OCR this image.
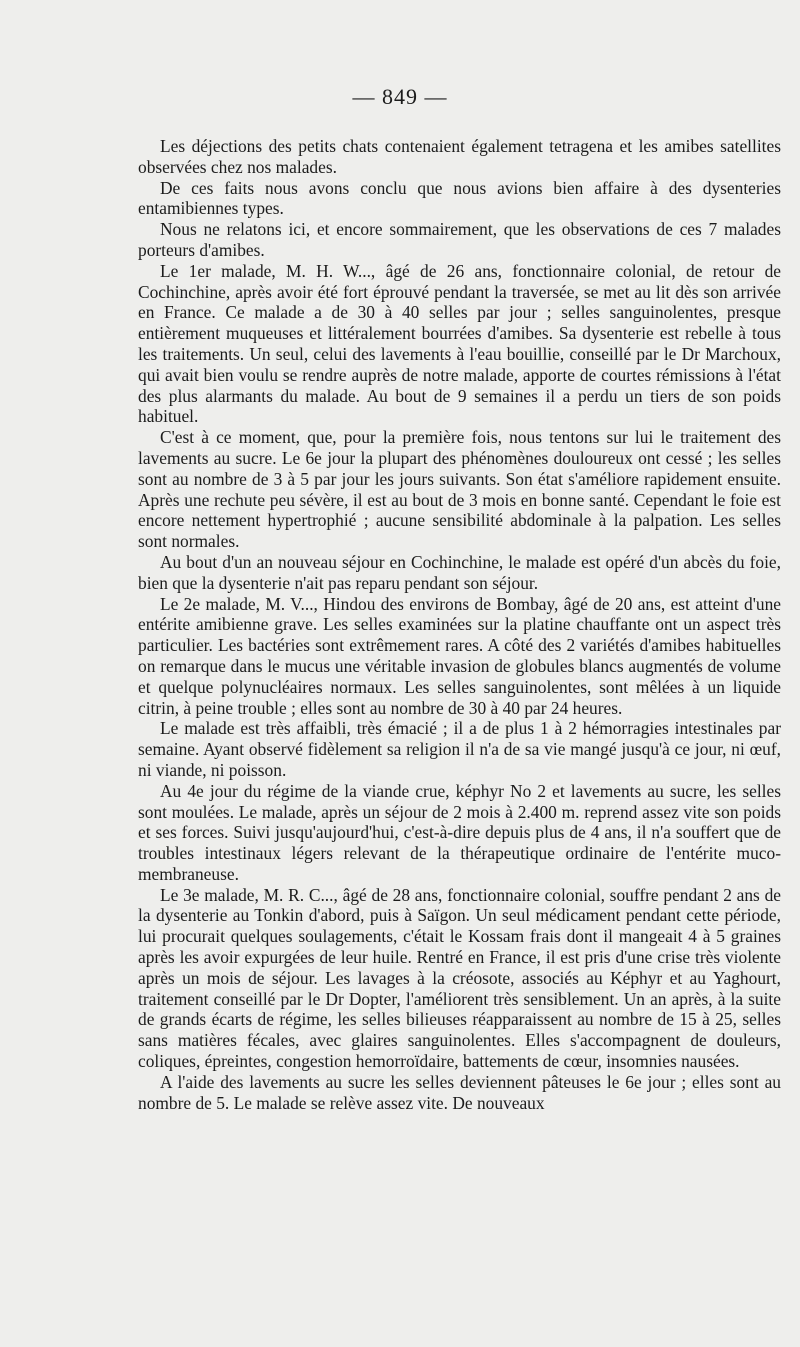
— 849 —

Les déjections des petits chats contenaient également tetragena et les amibes satellites observées chez nos malades.

De ces faits nous avons conclu que nous avions bien affaire à des dysenteries entamibiennes types.

Nous ne relatons ici, et encore sommairement, que les observations de ces 7 malades porteurs d'amibes.

Le 1er malade, M. H. W..., âgé de 26 ans, fonctionnaire colonial, de retour de Cochinchine, après avoir été fort éprouvé pendant la traversée, se met au lit dès son arrivée en France. Ce malade a de 30 à 40 selles par jour ; selles sanguinolentes, presque entièrement muqueuses et littéralement bourrées d'amibes. Sa dysenterie est rebelle à tous les traitements. Un seul, celui des lavements à l'eau bouillie, conseillé par le Dr Marchoux, qui avait bien voulu se rendre auprès de notre malade, apporte de courtes rémissions à l'état des plus alarmants du malade. Au bout de 9 semaines il a perdu un tiers de son poids habituel.

C'est à ce moment, que, pour la première fois, nous tentons sur lui le traitement des lavements au sucre. Le 6e jour la plupart des phénomènes douloureux ont cessé ; les selles sont au nombre de 3 à 5 par jour les jours suivants. Son état s'améliore rapidement ensuite. Après une rechute peu sévère, il est au bout de 3 mois en bonne santé. Cependant le foie est encore nettement hypertrophié ; aucune sensibilité abdominale à la palpation. Les selles sont normales.

Au bout d'un an nouveau séjour en Cochinchine, le malade est opéré d'un abcès du foie, bien que la dysenterie n'ait pas reparu pendant son séjour.

Le 2e malade, M. V..., Hindou des environs de Bombay, âgé de 20 ans, est atteint d'une entérite amibienne grave. Les selles examinées sur la platine chauffante ont un aspect très particulier. Les bactéries sont extrêmement rares. A côté des 2 variétés d'amibes habituelles on remarque dans le mucus une véritable invasion de globules blancs augmentés de volume et quelque polynucléaires normaux. Les selles sanguinolentes, sont mêlées à un liquide citrin, à peine trouble ; elles sont au nombre de 30 à 40 par 24 heures.

Le malade est très affaibli, très émacié ; il a de plus 1 à 2 hémorragies intestinales par semaine. Ayant observé fidèlement sa religion il n'a de sa vie mangé jusqu'à ce jour, ni œuf, ni viande, ni poisson.

Au 4e jour du régime de la viande crue, képhyr No 2 et lavements au sucre, les selles sont moulées. Le malade, après un séjour de 2 mois à 2.400 m. reprend assez vite son poids et ses forces. Suivi jusqu'aujourd'hui, c'est-à-dire depuis plus de 4 ans, il n'a souffert que de troubles intestinaux légers relevant de la thérapeutique ordinaire de l'entérite muco-membraneuse.

Le 3e malade, M. R. C..., âgé de 28 ans, fonctionnaire colonial, souffre pendant 2 ans de la dysenterie au Tonkin d'abord, puis à Saïgon. Un seul médicament pendant cette période, lui procurait quelques soulagements, c'était le Kossam frais dont il mangeait 4 à 5 graines après les avoir expurgées de leur huile. Rentré en France, il est pris d'une crise très violente après un mois de séjour. Les lavages à la créosote, associés au Képhyr et au Yaghourt, traitement conseillé par le Dr Dopter, l'améliorent très sensiblement. Un an après, à la suite de grands écarts de régime, les selles bilieuses réapparaissent au nombre de 15 à 25, selles sans matières fécales, avec glaires sanguinolentes. Elles s'accompagnent de douleurs, coliques, épreintes, congestion hemorroïdaire, battements de cœur, insomnies nausées.

A l'aide des lavements au sucre les selles deviennent pâteuses le 6e jour ; elles sont au nombre de 5. Le malade se relève assez vite. De nouveaux
